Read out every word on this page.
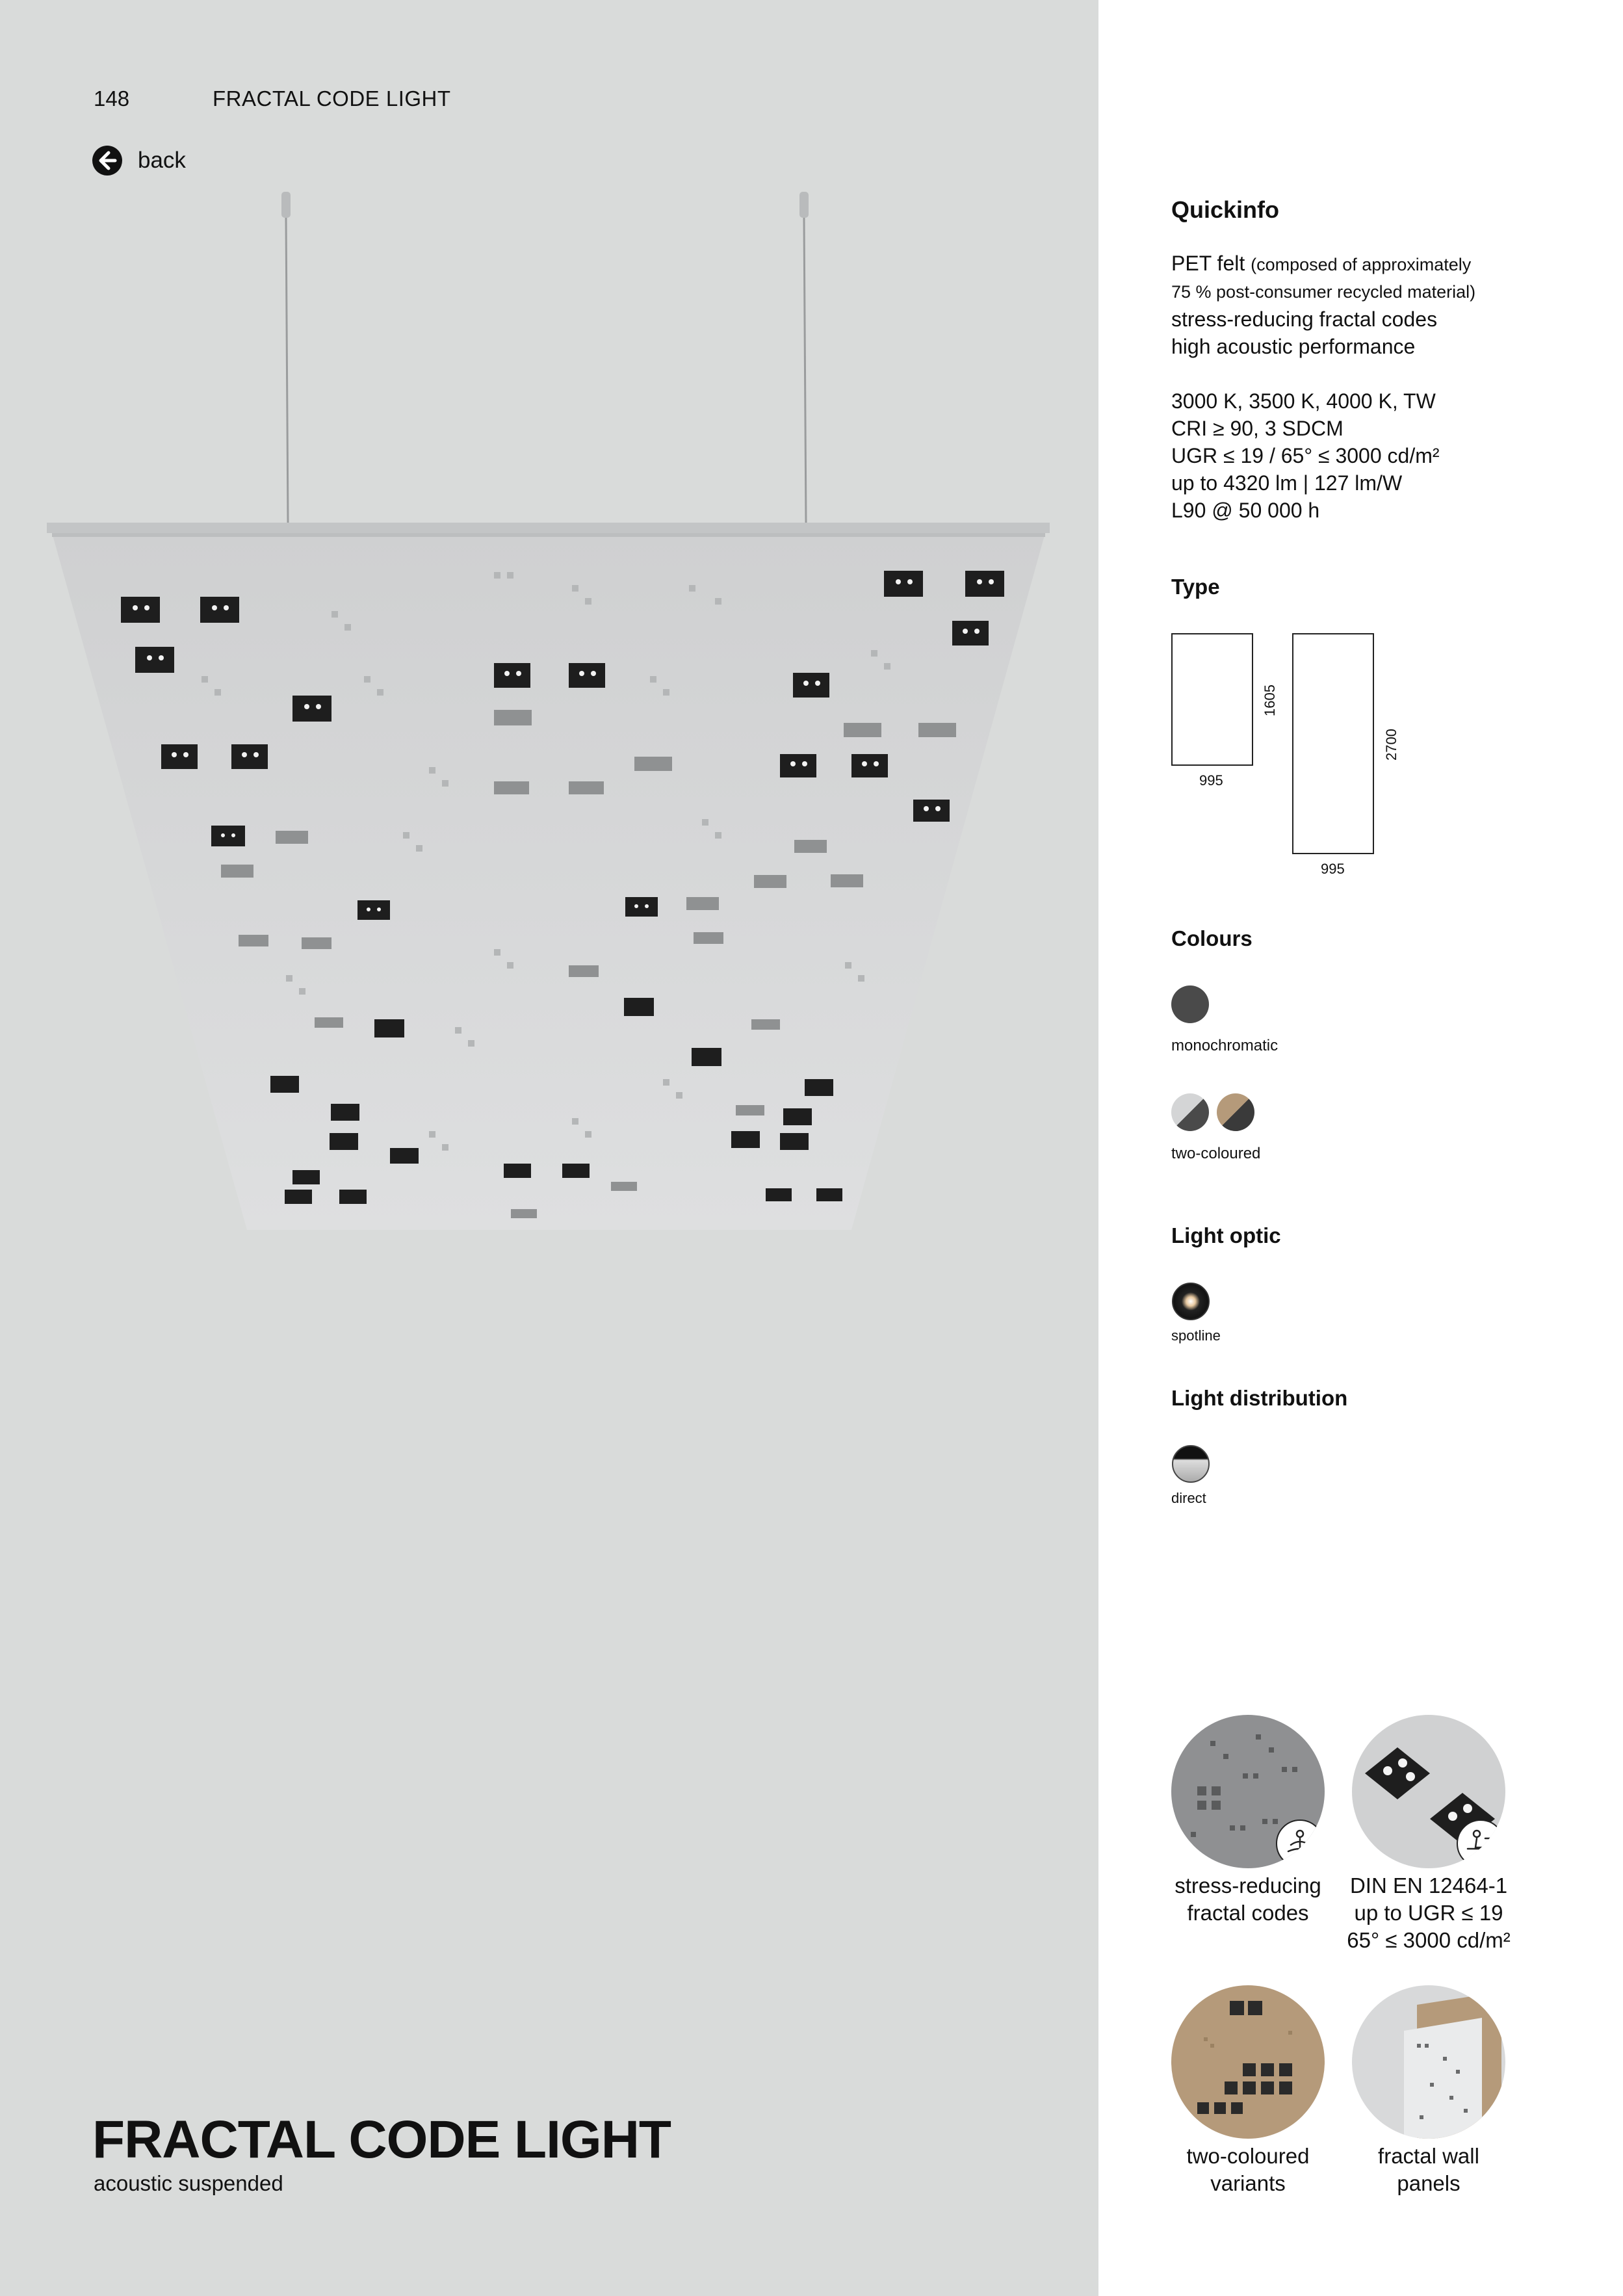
148	FRACTAL CODE LIGHT
back
FRACTAL CODE LIGHT
acoustic suspended
Quickinfo
PET felt (composed of approximately
75 % post-consumer recycled material)
stress-reducing fractal codes
high acoustic performance
3000 K, 3500 K, 4000 K, TW
CRI ≥ 90, 3 SDCM
UGR ≤ 19 / 65° ≤ 3000 cd/m²
up to 4320 lm | 127 lm/W
L90 @ 50 000 h
Type
995
1605
995
2700
Colours
monochromatic
two-coloured
Light optic
spotline
Light distribution
direct
stress-reducing
fractal codes
DIN EN 12464-1
up to UGR ≤ 19
65° ≤ 3000 cd/m²
two-coloured
variants
fractal wall
panels
